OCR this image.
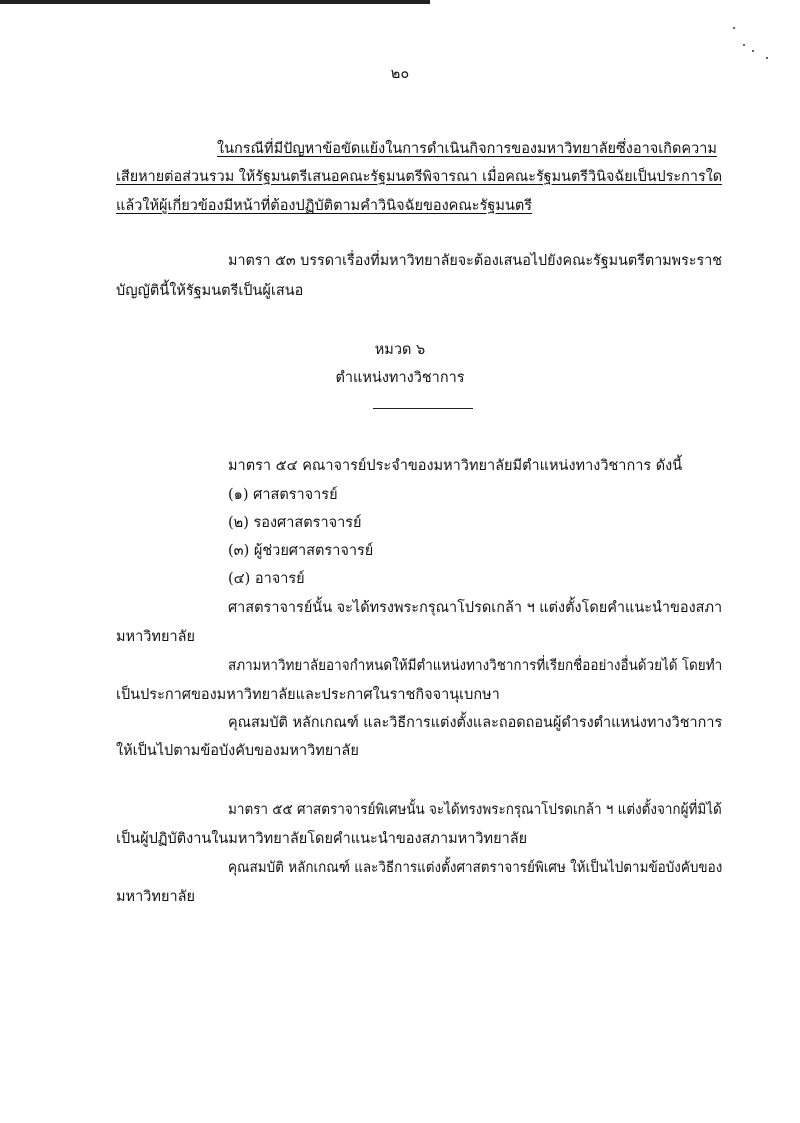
๒๐
ในกรณีที่มีปัญหาข้อขัดแย้งในการดำเนินกิจการของมหาวิทยาลัยซึ่งอาจเกิดความ
เสียหายต่อส่วนรวม ให้รัฐมนตรีเสนอคณะรัฐมนตรีพิจารณา เมื่อคณะรัฐมนตรีวินิจฉัยเป็นประการใด
แล้วให้ผู้เกี่ยวข้องมีหน้าที่ต้องปฏิบัติตามคำวินิจฉัยของคณะรัฐมนตรี
มาตรา ๕๓ บรรดาเรื่องที่มหาวิทยาลัยจะต้องเสนอไปยังคณะรัฐมนตรีตามพระราช
บัญญัตินี้ให้รัฐมนตรีเป็นผู้เสนอ
หมวด ๖
ตำแหน่งทางวิชาการ
มาตรา ๕๔ คณาจารย์ประจำของมหาวิทยาลัยมีตำแหน่งทางวิชาการ ดังนี้
(๑) ศาสตราจารย์
(๒) รองศาสตราจารย์
(๓) ผู้ช่วยศาสตราจารย์
(๔) อาจารย์
ศาสตราจารย์นั้น จะได้ทรงพระกรุณาโปรดเกล้า ฯ แต่งตั้งโดยคำแนะนำของสภา
มหาวิทยาลัย
สภามหาวิทยาลัยอาจกำหนดให้มีตำแหน่งทางวิชาการที่เรียกชื่ออย่างอื่นด้วยได้ โดยทำ
เป็นประกาศของมหาวิทยาลัยและประกาศในราชกิจจานุเบกษา
คุณสมบัติ หลักเกณฑ์ และวิธีการแต่งตั้งและถอดถอนผู้ดำรงตำแหน่งทางวิชาการ
ให้เป็นไปตามข้อบังคับของมหาวิทยาลัย
มาตรา ๕๕ ศาสตราจารย์พิเศษนั้น จะได้ทรงพระกรุณาโปรดเกล้า ฯ แต่งตั้งจากผู้ที่มิได้
เป็นผู้ปฏิบัติงานในมหาวิทยาลัยโดยคำแนะนำของสภามหาวิทยาลัย
คุณสมบัติ หลักเกณฑ์ และวิธีการแต่งตั้งศาสตราจารย์พิเศษ ให้เป็นไปตามข้อบังคับของ
มหาวิทยาลัย
